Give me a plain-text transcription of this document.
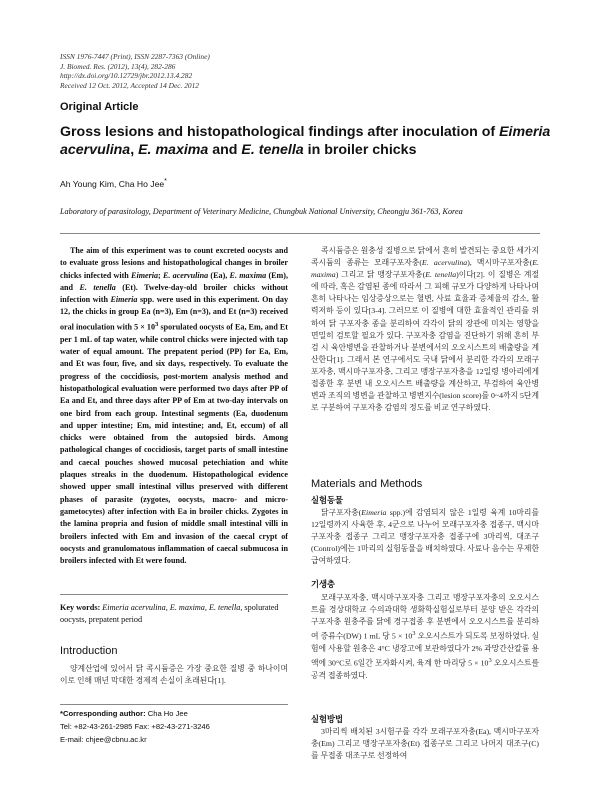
ISSN 1976-7447 (Print), ISSN 2287-7363 (Online)
J. Biomed. Res. (2012), 13(4), 282-286
http://dx.doi.org/10.12729/jbr.2012.13.4.282
Received 12 Oct. 2012, Accepted 14 Dec. 2012
Original Article
Gross lesions and histopathological findings after inoculation of Eimeria acervulina, E. maxima and E. tenella in broiler chicks
Ah Young Kim, Cha Ho Jee*
Laboratory of parasitology, Department of Veterinary Medicine, Chungbuk National University, Cheongju 361-763, Korea
The aim of this experiment was to count excreted oocysts and to evaluate gross lesions and histopathological changes in broiler chicks infected with Eimeria; E. acervulina (Ea), E. maxima (Em), and E. tenella (Et). Twelve-day-old broiler chicks without infection with Eimeria spp. were used in this experiment. On day 12, the chicks in group Ea (n=3), Em (n=3), and Et (n=3) received oral inoculation with $5 \times 10^3$ sporulated oocysts of Ea, Em, and Et per 1 mL of tap water, while control chicks were injected with tap water of equal amount. The prepatent period (PP) for Ea, Em, and Et was four, five, and six days, respectively. To evaluate the progress of the coccidiosis, post-mortem analysis method and histopathological evaluation were performed two days after PP of Ea and Et, and three days after PP of Em at two-day intervals on one bird from each group. Intestinal segments (Ea, duodenum and upper intestine; Em, mid intestine; and, Et, eccum) of all chicks were obtained from the autopsied birds. Among pathological changes of coccidiosis, target parts of small intestine and caecal pouches showed mucosal petechiation and white plaques streaks in the duodenum. Histopathological evidence showed upper small intestinal villus preserved with different phases of parasite (zygotes, oocysts, macro- and micro-gametocytes) after infection with Ea in broiler chicks. Zygotes in the lamina propria and fusion of middle small intestinal villi in broilers infected with Em and invasion of the caecal crypt of oocysts and granulomatous inflammation of caecal submucosa in broilers infected with Et were found.
Key words: Eimeria acervulina, E. maxima, E. tenella, spolurated oocysts, prepatent period
Introduction
양계산업에 있어서 닭 콕시듐증은 가장 중요한 질병 중 하나이며 이로 인해 매년 막대한 경제적 손실이 초래된다[1].
*Corresponding author: Cha Ho Jee
Tel: +82-43-261-2985 Fax: +82-43-271-3246
E-mail: chjee@cbnu.ac.kr
콕시듐증은 원충성 질병으로 닭에서 흔히 발견되는 중요한 세가지 콕시듐의 종류는 모래구포자충(E. acervulina), 맥시마구포자충(E. maxima) 그리고 닭 맹장구포자충(E. tenella)이다[2]. 이 질병은 계절에 따라, 혹은 감염된 종에 따라서 그 피해 규모가 다양하게 나타나며 흔히 나타나는 임상증상으로는 혈변, 사료 효율과 증체율의 감소, 활력저하 등이 있다[3-4]. 그러므로 이 질병에 대한 효율적인 관리를 위하여 닭 구포자충 종을 분리하여 각각이 닭의 장관에 미치는 영향을 면밀히 검토할 필요가 있다. 구포자충 감염을 진단하기 위해 흔히 부검 시 육안병변을 관찰하거나 분변에서의 오오시스트의 배출량을 계산한다[1]. 그래서 본 연구에서도 국내 닭에서 분리한 각각의 모래구포자충, 맥시마구포자충, 그리고 맹장구포자충을 12일령 병아리에게 접종한 후 분변 내 오오시스트 배출량을 계산하고, 부검하여 육안병변과 조직의 병변을 관찰하고 병변지수(lesion score)를 0~4까지 5단계로 구분하여 구포자충 감염의 정도를 비교 연구하였다.
Materials and Methods
실험동물
닭구포자충(Eimeria spp.)에 감염되지 않은 1일령 육계 10마리를 12일령까지 사육한 후, 4군으로 나누어 모래구포자충 접종구, 맥시마구포자충 접종구 그리고 맹장구포자충 접종구에 3마리씩, 대조구(Control)에는 1마리의 실험동물을 배치하였다. 사료나 음수는 무제한 급여하였다.
기생충
모래구포자충, 맥시마구포자충 그리고 맹장구포자충의 오오시스트를 경상대학교 수의과대학 생화학실험실로부터 분양 받은 각각의 구포자충 원충주를 닭에 경구접종 후 분변에서 오오시스트를 분리하여 증류수(DW) 1 mL 당 $5 \times 10^3$ 오오시스트가 되도록 보정하였다. 실험에 사용할 원충은 4°C 냉장고에 보관하였다가 2% 과망간산칼륨 용액에 30°C로 6일간 포자화시켜, 육계 한 마리당 $5 \times 10^3$ 오오시스트를 공격 접종하였다.
실험방법
3마리씩 배치된 3시험구를 각각 모래구포자충(Ea), 맥시마구포자충(Em) 그리고 맹장구포자충(Et) 접종구로 그리고 나머지 대조구(C)를 무접종 대조구로 선정하여
